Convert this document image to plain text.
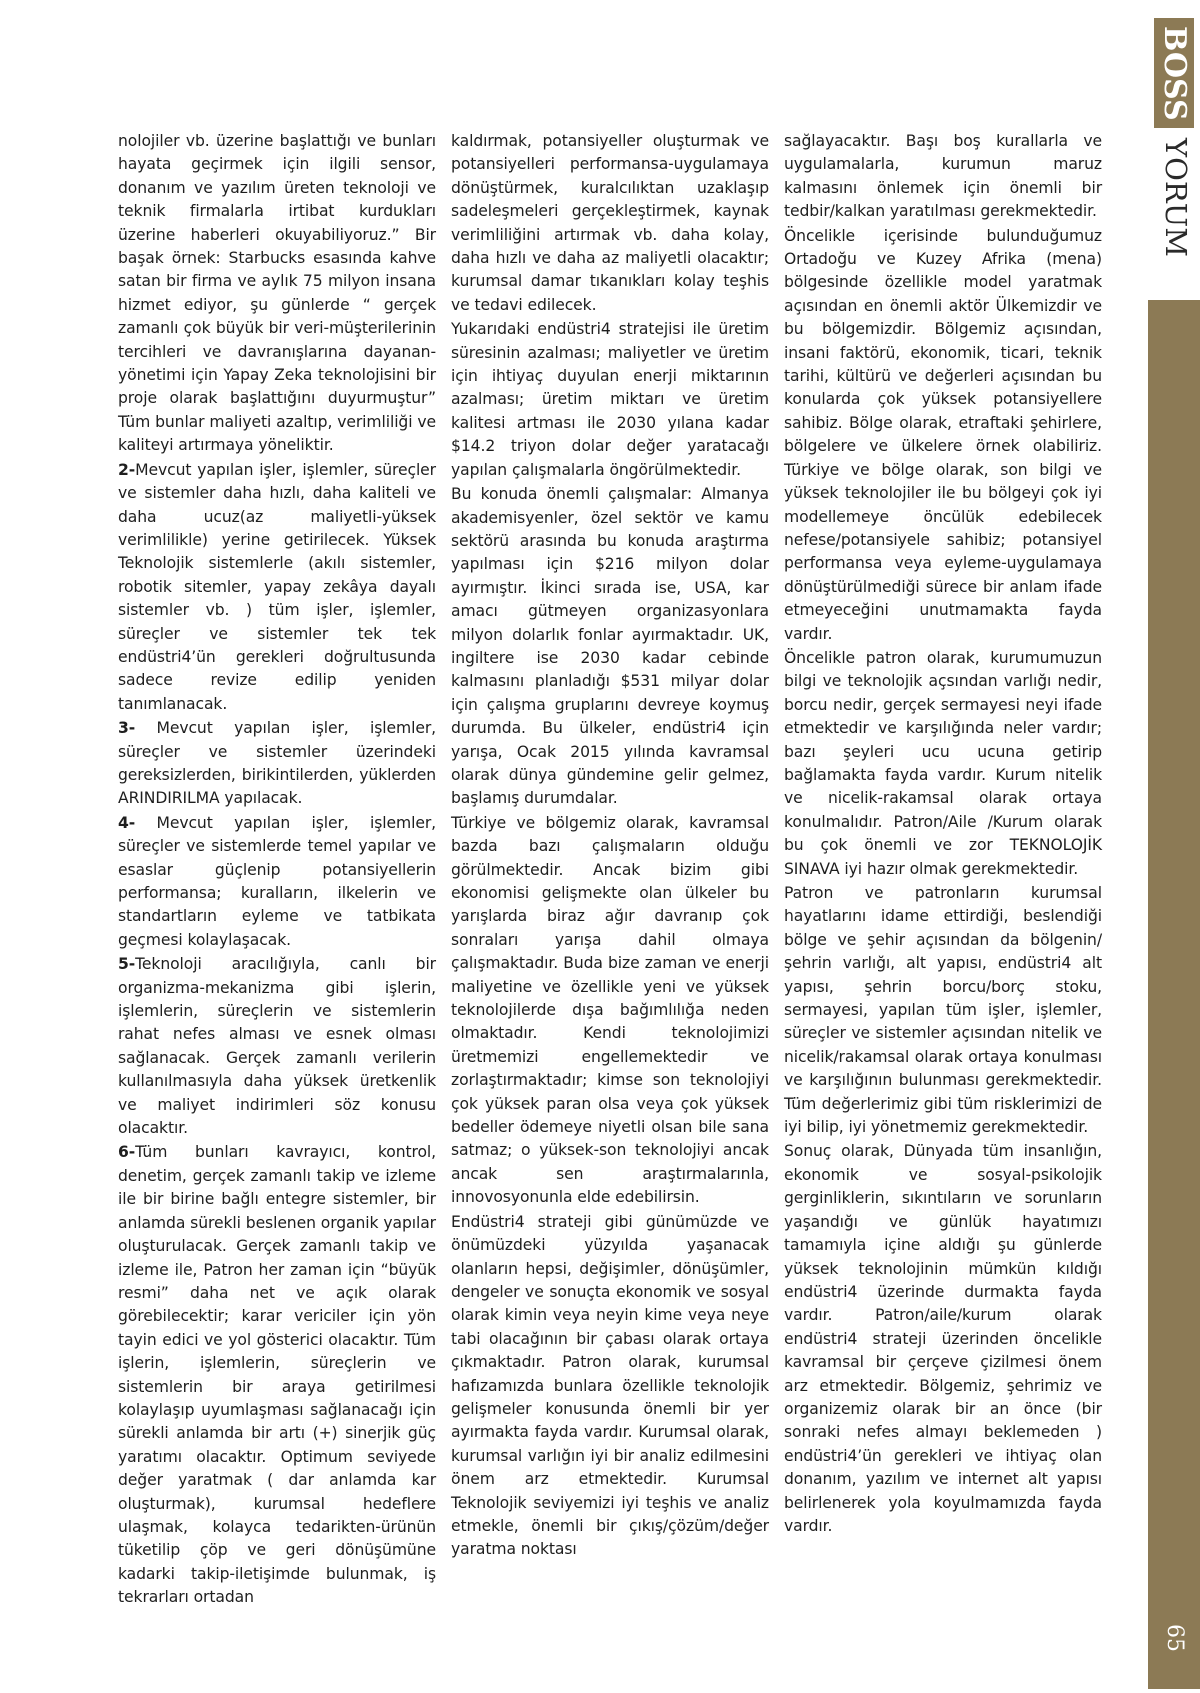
BOSS
YORUM
65

nolojiler vb. üzerine başlattığı ve bunları hayata geçirmek için ilgili sensor, donanım ve yazılım üreten teknoloji ve teknik firmalarla irtibat kurdukları üzerine haberleri okuyabiliyoruz.” Bir başak örnek: Starbucks esasında kahve satan bir firma ve aylık 75 milyon insana hizmet ediyor, şu günlerde “ gerçek zamanlı çok büyük bir veri-müşterilerinin tercihleri ve davranışlarına dayanan-yönetimi için Yapay Zeka teknolojisini bir proje olarak başlattığını duyurmuştur” Tüm bunlar maliyeti azaltıp, verimliliği ve kaliteyi artırmaya yöneliktir.

2-Mevcut yapılan işler, işlemler, süreçler ve sistemler daha hızlı, daha kaliteli ve daha ucuz(az maliyetli-yüksek verimlilikle) yerine getirilecek. Yüksek Teknolojik sistemlerle (akılı sistemler, robotik sitemler, yapay zekâya dayalı sistemler vb. ) tüm işler, işlemler, süreçler ve sistemler tek tek endüstri4’ün gerekleri doğrultusunda sadece revize edilip yeniden tanımlanacak.

3- Mevcut yapılan işler, işlemler, süreçler ve sistemler üzerindeki gereksizlerden, birikintilerden, yüklerden ARINDIRILMA yapılacak.

4- Mevcut yapılan işler, işlemler, süreçler ve sistemlerde temel yapılar ve esaslar güçlenip potansiyellerin performansa; kuralların, ilkelerin ve standartların eyleme ve tatbikata geçmesi kolaylaşacak.

5-Teknoloji aracılığıyla, canlı bir organizma-mekanizma gibi işlerin, işlemlerin, süreçlerin ve sistemlerin rahat nefes alması ve esnek olması sağlanacak. Gerçek zamanlı verilerin kullanılmasıyla daha yüksek üretkenlik ve maliyet indirimleri söz konusu olacaktır.

6-Tüm bunları kavrayıcı, kontrol, denetim, gerçek zamanlı takip ve izleme ile bir birine bağlı entegre sistemler, bir anlamda sürekli beslenen organik yapılar oluşturulacak. Gerçek zamanlı takip ve izleme ile, Patron her zaman için “büyük resmi” daha net ve açık olarak görebilecektir; karar vericiler için yön tayin edici ve yol gösterici olacaktır. Tüm işlerin, işlemlerin, süreçlerin ve sistemlerin bir araya getirilmesi kolaylaşıp uyumlaşması sağlanacağı için sürekli anlamda bir artı (+) sinerjik güç yaratımı olacaktır. Optimum seviyede değer yaratmak ( dar anlamda kar oluşturmak), kurumsal hedeflere ulaşmak, kolayca tedarikten-ürünün tüketilip çöp ve geri dönüşümüne kadarki takip-iletişimde bulunmak, iş tekrarları ortadan

kaldırmak, potansiyeller oluşturmak ve potansiyelleri performansa-uygulamaya dönüştürmek, kuralcılıktan uzaklaşıp sadeleşmeleri gerçekleştirmek, kaynak verimliliğini artırmak vb. daha kolay, daha hızlı ve daha az maliyetli olacaktır; kurumsal damar tıkanıkları kolay teşhis ve tedavi edilecek.

Yukarıdaki endüstri4 stratejisi ile üretim süresinin azalması; maliyetler ve üretim için ihtiyaç duyulan enerji miktarının azalması; üretim miktarı ve üretim kalitesi artması ile 2030 yılana kadar $14.2 triyon dolar değer yaratacağı yapılan çalışmalarla öngörülmektedir.

Bu konuda önemli çalışmalar: Almanya akademisyenler, özel sektör ve kamu sektörü arasında bu konuda araştırma yapılması için $216 milyon dolar ayırmıştır. İkinci sırada ise, USA, kar amacı gütmeyen organizasyonlara milyon dolarlık fonlar ayırmaktadır. UK, ingiltere ise 2030 kadar cebinde kalmasını planladığı $531 milyar dolar için çalışma gruplarını devreye koymuş durumda. Bu ülkeler, endüstri4 için yarışa, Ocak 2015 yılında kavramsal olarak dünya gündemine gelir gelmez, başlamış durumdalar.

Türkiye ve bölgemiz olarak, kavramsal bazda bazı çalışmaların olduğu görülmektedir. Ancak bizim gibi ekonomisi gelişmekte olan ülkeler bu yarışlarda biraz ağır davranıp çok sonraları yarışa dahil olmaya çalışmaktadır. Buda bize zaman ve enerji maliyetine ve özellikle yeni ve yüksek teknolojilerde dışa bağımlılığa neden olmaktadır. Kendi teknolojimizi üretmemizi engellemektedir ve zorlaştırmaktadır; kimse son teknolojiyi çok yüksek paran olsa veya çok yüksek bedeller ödemeye niyetli olsan bile sana satmaz; o yüksek-son teknolojiyi ancak ancak sen araştırmalarınla, innovosyonunla elde edebilirsin.

Endüstri4 strateji gibi günümüzde ve önümüzdeki yüzyılda yaşanacak olanların hepsi, değişimler, dönüşümler, dengeler ve sonuçta ekonomik ve sosyal olarak kimin veya neyin kime veya neye tabi olacağının bir çabası olarak ortaya çıkmaktadır. Patron olarak, kurumsal hafızamızda bunlara özellikle teknolojik gelişmeler konusunda önemli bir yer ayırmakta fayda vardır. Kurumsal olarak, kurumsal varlığın iyi bir analiz edilmesini önem arz etmektedir. Kurumsal Teknolojik seviyemizi iyi teşhis ve analiz etmekle, önemli bir çıkış/çözüm/değer yaratma noktası

sağlayacaktır. Başı boş kurallarla ve uygulamalarla, kurumun maruz kalmasını önlemek için önemli bir tedbir/kalkan yaratılması gerekmektedir.

Öncelikle içerisinde bulunduğumuz Ortadoğu ve Kuzey Afrika (mena) bölgesinde özellikle model yaratmak açısından en önemli aktör Ülkemizdir ve bu bölgemizdir. Bölgemiz açısından, insani faktörü, ekonomik, ticari, teknik tarihi, kültürü ve değerleri açısından bu konularda çok yüksek potansiyellere sahibiz. Bölge olarak, etraftaki şehirlere, bölgelere ve ülkelere örnek olabiliriz. Türkiye ve bölge olarak, son bilgi ve yüksek teknolojiler ile bu bölgeyi çok iyi modellemeye öncülük edebilecek nefese/potansiyele sahibiz; potansiyel performansa veya eyleme-uygulamaya dönüştürülmediği sürece bir anlam ifade etmeyeceğini unutmamakta fayda vardır.

Öncelikle patron olarak, kurumumuzun bilgi ve teknolojik açsından varlığı nedir, borcu nedir, gerçek sermayesi neyi ifade etmektedir ve karşılığında neler vardır; bazı şeyleri ucu ucuna getirip bağlamakta fayda vardır. Kurum nitelik ve nicelik-rakamsal olarak ortaya konulmalıdır. Patron/Aile /Kurum olarak bu çok önemli ve zor TEKNOLOJİK SINAVA iyi hazır olmak gerekmektedir.

Patron ve patronların kurumsal hayatlarını idame ettirdiği, beslendiği bölge ve şehir açısından da bölgenin/şehrin varlığı, alt yapısı, endüstri4 alt yapısı, şehrin borcu/borç stoku, sermayesi, yapılan tüm işler, işlemler, süreçler ve sistemler açısından nitelik ve nicelik/rakamsal olarak ortaya konulması ve karşılığının bulunması gerekmektedir. Tüm değerlerimiz gibi tüm risklerimizi de iyi bilip, iyi yönetmemiz gerekmektedir.

Sonuç olarak, Dünyada tüm insanlığın, ekonomik ve sosyal-psikolojik gerginliklerin, sıkıntıların ve sorunların yaşandığı ve günlük hayatımızı tamamıyla içine aldığı şu günlerde yüksek teknolojinin mümkün kıldığı endüstri4 üzerinde durmakta fayda vardır. Patron/aile/kurum olarak endüstri4 strateji üzerinden öncelikle kavramsal bir çerçeve çizilmesi önem arz etmektedir. Bölgemiz, şehrimiz ve organizemiz olarak bir an önce (bir sonraki nefes almayı beklemeden ) endüstri4’ün gerekleri ve ihtiyaç olan donanım, yazılım ve internet alt yapısı belirlenerek yola koyulmamızda fayda vardır.
